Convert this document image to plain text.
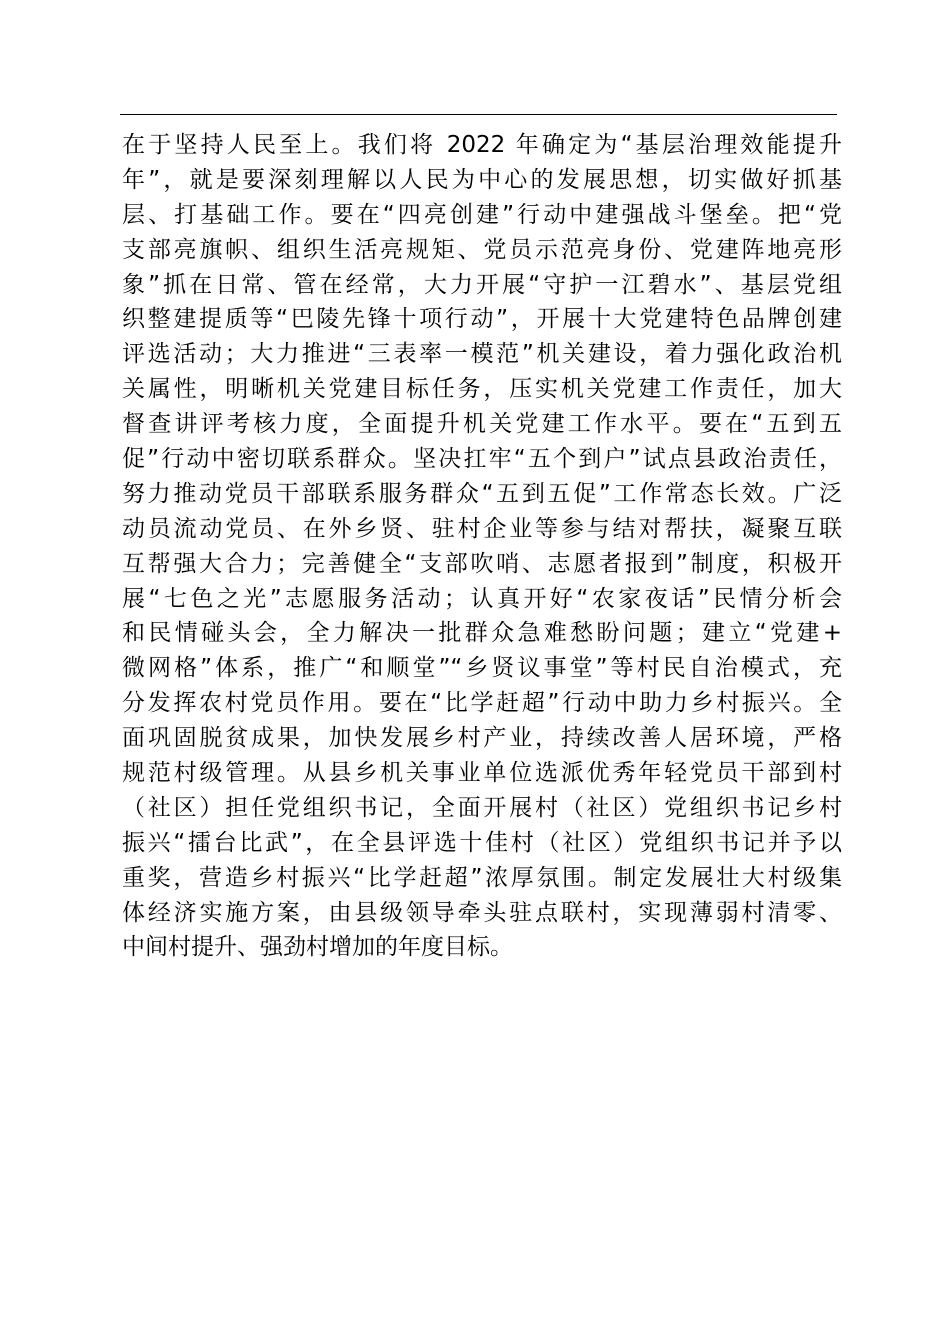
在于坚持人民至上。我们将 2022 年确定为“基层治理效能提升
年”，就是要深刻理解以人民为中心的发展思想，切实做好抓基
层、打基础工作。要在“四亮创建”行动中建强战斗堡垒。把“党
支部亮旗帜、组织生活亮规矩、党员示范亮身份、党建阵地亮形
象”抓在日常、管在经常，大力开展“守护一江碧水”、基层党组
织整建提质等“巴陵先锋十项行动”，开展十大党建特色品牌创建
评选活动；大力推进“三表率一模范”机关建设，着力强化政治机
关属性，明晰机关党建目标任务，压实机关党建工作责任，加大
督查讲评考核力度，全面提升机关党建工作水平。要在“五到五
促”行动中密切联系群众。坚决扛牢“五个到户”试点县政治责任，
努力推动党员干部联系服务群众“五到五促”工作常态长效。广泛
动员流动党员、在外乡贤、驻村企业等参与结对帮扶，凝聚互联
互帮强大合力；完善健全“支部吹哨、志愿者报到”制度，积极开
展“七色之光”志愿服务活动；认真开好“农家夜话”民情分析会
和民情碰头会，全力解决一批群众急难愁盼问题；建立“党建+
微网格”体系，推广“和顺堂”“乡贤议事堂”等村民自治模式，充
分发挥农村党员作用。要在“比学赶超”行动中助力乡村振兴。全
面巩固脱贫成果，加快发展乡村产业，持续改善人居环境，严格
规范村级管理。从县乡机关事业单位选派优秀年轻党员干部到村
（社区）担任党组织书记，全面开展村（社区）党组织书记乡村
振兴“擂台比武”，在全县评选十佳村（社区）党组织书记并予以
重奖，营造乡村振兴“比学赶超”浓厚氛围。制定发展壮大村级集
体经济实施方案，由县级领导牵头驻点联村，实现薄弱村清零、
中间村提升、强劲村增加的年度目标。
